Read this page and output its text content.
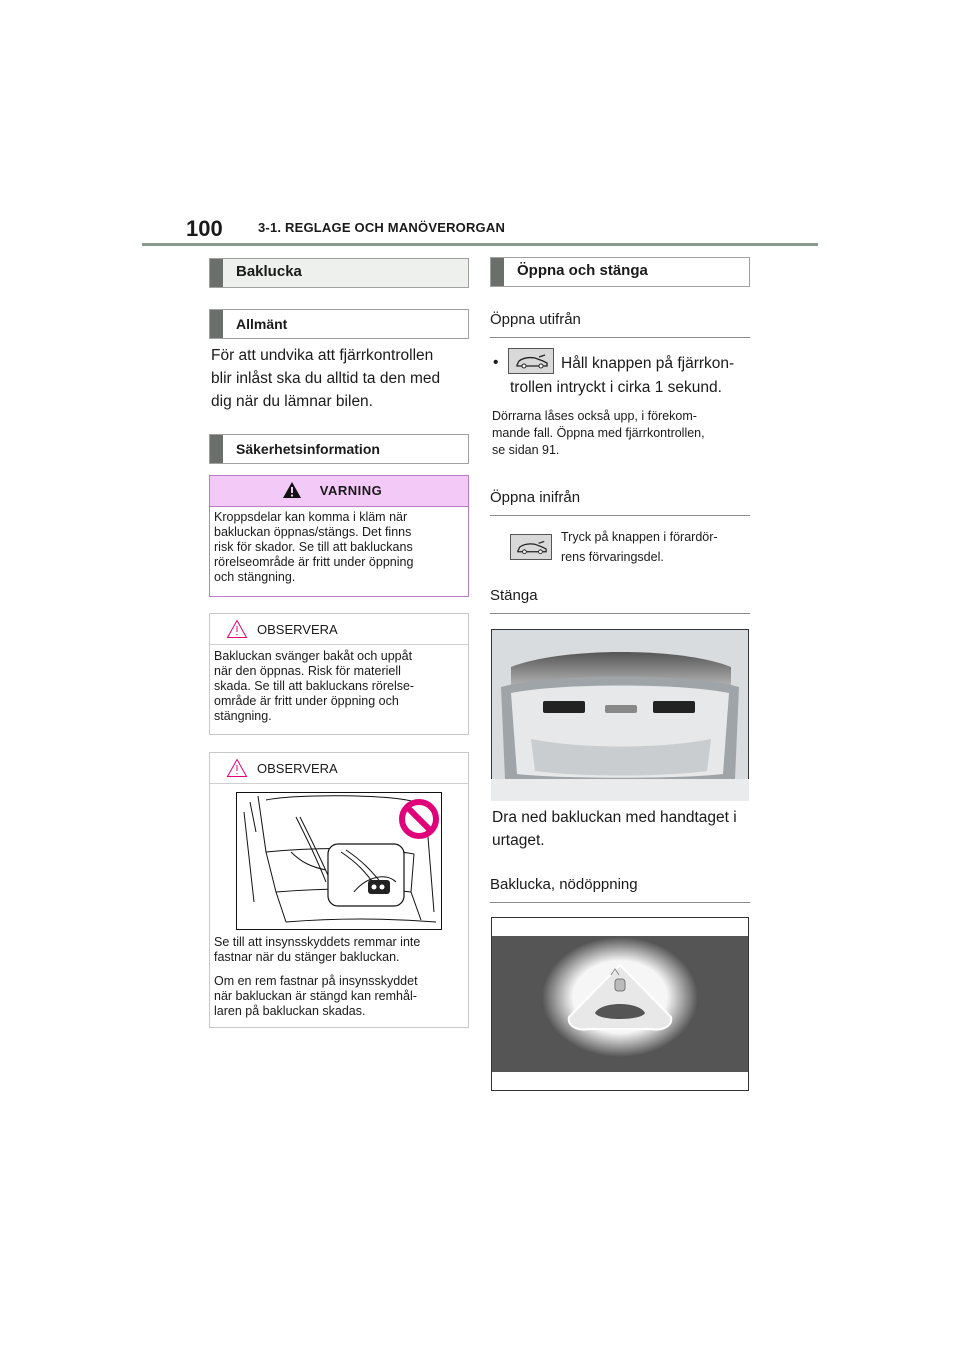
100	3-1. REGLAGE OCH MANÖVERORGAN
Baklucka
Allmänt
För att undvika att fjärrkontrollen
blir inlåst ska du alltid ta den med
dig när du lämnar bilen.
Säkerhetsinformation
VARNING
Kroppsdelar kan komma i kläm när
bakluckan öppnas/stängs. Det finns
risk för skador. Se till att bakluckans
rörelseområde är fritt under öppning
och stängning.
OBSERVERA
Bakluckan svänger bakåt och uppåt
när den öppnas. Risk för materiell
skada. Se till att bakluckans rörelse-
område är fritt under öppning och
stängning.
OBSERVERA
Se till att insynsskyddets remmar inte
fastnar när du stänger bakluckan.
Om en rem fastnar på insynsskyddet
när bakluckan är stängd kan remhål-
laren på bakluckan skadas.
Öppna och stänga
Öppna utifrån
•	Håll knappen på fjärrkon-
trollen intryckt i cirka 1 sekund.
Dörrarna låses också upp, i förekom-
mande fall. Öppna med fjärrkontrollen,
se sidan 91.
Öppna inifrån
Tryck på knappen i förardör-
rens förvaringsdel.
Stänga
Dra ned bakluckan med handtaget i
urtaget.
Baklucka, nödöppning
